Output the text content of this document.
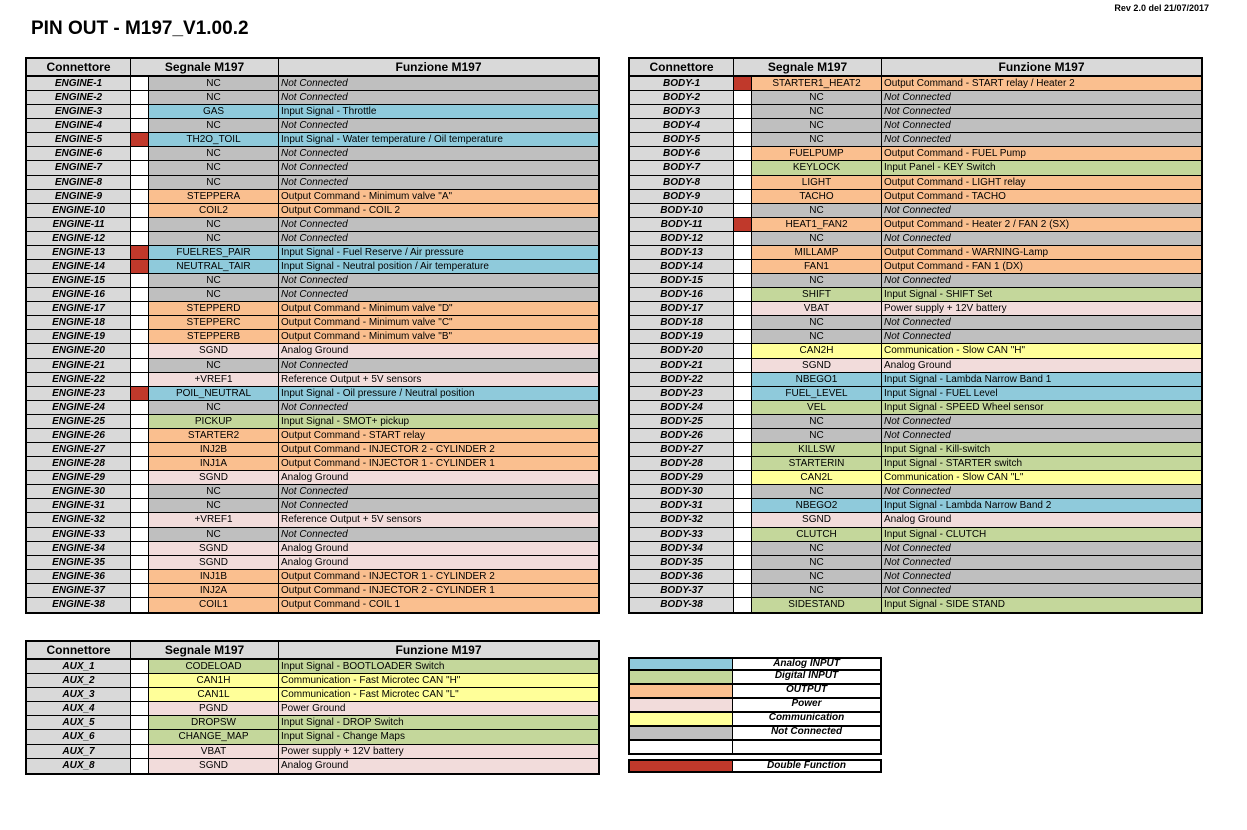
PIN OUT - M197_V1.00.2
Rev 2.0 del 21/07/2017
Connettore	Segnale M197	Funzione M197
ENGINE-1	NC	Not Connected
ENGINE-2	NC	Not Connected
ENGINE-3	GAS	Input Signal - Throttle
ENGINE-4	NC	Not Connected
ENGINE-5	TH2O_TOIL	Input Signal - Water temperature / Oil temperature
ENGINE-6	NC	Not Connected
ENGINE-7	NC	Not Connected
ENGINE-8	NC	Not Connected
ENGINE-9	STEPPERA	Output Command - Minimum valve "A"
ENGINE-10	COIL2	Output Command - COIL 2
ENGINE-11	NC	Not Connected
ENGINE-12	NC	Not Connected
ENGINE-13	FUELRES_PAIR	Input Signal - Fuel Reserve / Air pressure
ENGINE-14	NEUTRAL_TAIR	Input Signal - Neutral position / Air temperature
ENGINE-15	NC	Not Connected
ENGINE-16	NC	Not Connected
ENGINE-17	STEPPERD	Output Command - Minimum valve "D"
ENGINE-18	STEPPERC	Output Command - Minimum valve "C"
ENGINE-19	STEPPERB	Output Command - Minimum valve "B"
ENGINE-20	SGND	Analog Ground
ENGINE-21	NC	Not Connected
ENGINE-22	+VREF1	Reference Output + 5V sensors
ENGINE-23	POIL_NEUTRAL	Input Signal - Oil pressure / Neutral position
ENGINE-24	NC	Not Connected
ENGINE-25	PICKUP	Input Signal - SMOT+ pickup
ENGINE-26	STARTER2	Output Command - START relay
ENGINE-27	INJ2B	Output Command - INJECTOR 2 - CYLINDER 2
ENGINE-28	INJ1A	Output Command - INJECTOR 1 - CYLINDER 1
ENGINE-29	SGND	Analog Ground
ENGINE-30	NC	Not Connected
ENGINE-31	NC	Not Connected
ENGINE-32	+VREF1	Reference Output + 5V sensors
ENGINE-33	NC	Not Connected
ENGINE-34	SGND	Analog Ground
ENGINE-35	SGND	Analog Ground
ENGINE-36	INJ1B	Output Command - INJECTOR 1 - CYLINDER 2
ENGINE-37	INJ2A	Output Command - INJECTOR 2 - CYLINDER 1
ENGINE-38	COIL1	Output Command - COIL 1
Connettore	Segnale M197	Funzione M197
BODY-1	STARTER1_HEAT2	Output Command - START relay / Heater 2
BODY-2	NC	Not Connected
BODY-3	NC	Not Connected
BODY-4	NC	Not Connected
BODY-5	NC	Not Connected
BODY-6	FUELPUMP	Output Command - FUEL Pump
BODY-7	KEYLOCK	Input Panel - KEY Switch
BODY-8	LIGHT	Output Command - LIGHT relay
BODY-9	TACHO	Output Command - TACHO
BODY-10	NC	Not Connected
BODY-11	HEAT1_FAN2	Output Command - Heater 2 / FAN 2 (SX)
BODY-12	NC	Not Connected
BODY-13	MILLAMP	Output Command - WARNING-Lamp
BODY-14	FAN1	Output Command - FAN 1 (DX)
BODY-15	NC	Not Connected
BODY-16	SHIFT	Input Signal - SHIFT Set
BODY-17	VBAT	Power supply + 12V battery
BODY-18	NC	Not Connected
BODY-19	NC	Not Connected
BODY-20	CAN2H	Communication - Slow CAN "H"
BODY-21	SGND	Analog Ground
BODY-22	NBEGO1	Input Signal - Lambda Narrow Band 1
BODY-23	FUEL_LEVEL	Input Signal - FUEL Level
BODY-24	VEL	Input Signal - SPEED Wheel sensor
BODY-25	NC	Not Connected
BODY-26	NC	Not Connected
BODY-27	KILLSW	Input Signal - Kill-switch
BODY-28	STARTERIN	Input Signal - STARTER switch
BODY-29	CAN2L	Communication - Slow CAN "L"
BODY-30	NC	Not Connected
BODY-31	NBEGO2	Input Signal - Lambda Narrow Band 2
BODY-32	SGND	Analog Ground
BODY-33	CLUTCH	Input Signal - CLUTCH
BODY-34	NC	Not Connected
BODY-35	NC	Not Connected
BODY-36	NC	Not Connected
BODY-37	NC	Not Connected
BODY-38	SIDESTAND	Input Signal - SIDE STAND
Connettore	Segnale M197	Funzione M197
AUX_1	CODELOAD	Input Signal - BOOTLOADER Switch
AUX_2	CAN1H	Communication - Fast Microtec CAN "H"
AUX_3	CAN1L	Communication - Fast Microtec CAN "L"
AUX_4	PGND	Power Ground
AUX_5	DROPSW	Input Signal - DROP Switch
AUX_6	CHANGE_MAP	Input Signal - Change Maps
AUX_7	VBAT	Power supply + 12V battery
AUX_8	SGND	Analog Ground
Analog INPUT
Digital INPUT
OUTPUT
Power
Communication
Not Connected
Double Function
